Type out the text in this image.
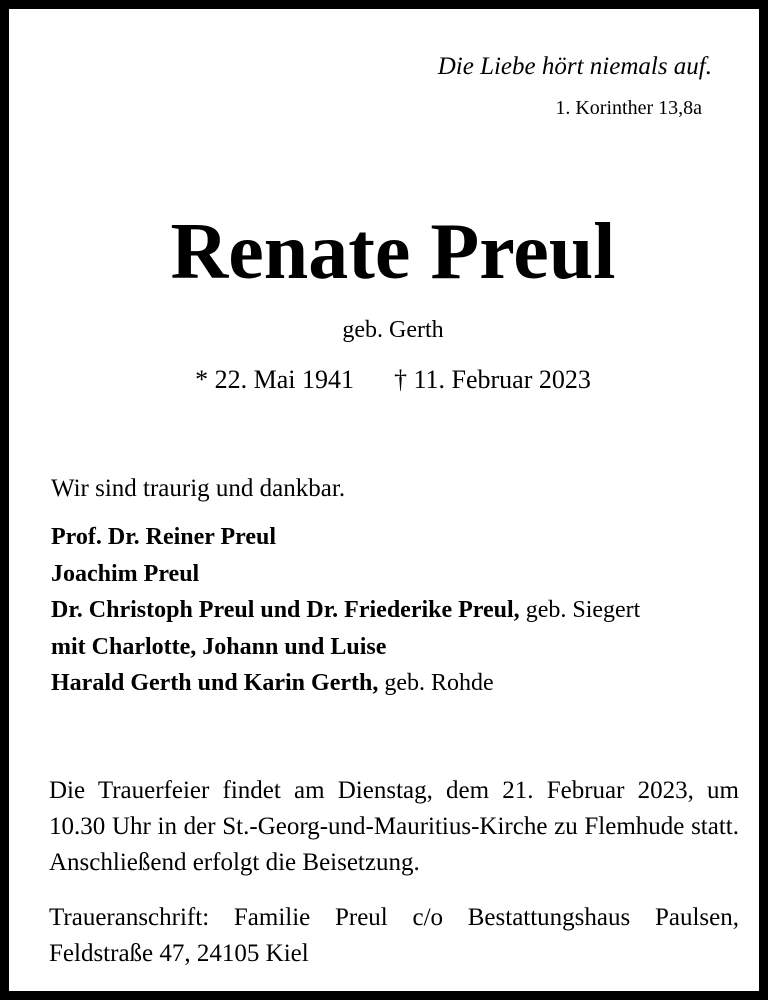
Die Liebe hört niemals auf.
1. Korinther 13,8a
Renate Preul
geb. Gerth
* 22. Mai 1941 † 11. Februar 2023
Wir sind traurig und dankbar.
Prof. Dr. Reiner Preul
Joachim Preul
Dr. Christoph Preul und Dr. Friederike Preul, geb. Siegert
mit Charlotte, Johann und Luise
Harald Gerth und Karin Gerth, geb. Rohde
Die Trauerfeier findet am Dienstag, dem 21. Februar 2023, um 10.30 Uhr in der St.-Georg-und-Mauritius-Kirche zu Flemhude statt. Anschließend erfolgt die Beisetzung.
Traueranschrift: Familie Preul c/o Bestattungshaus Paulsen, Feldstraße 47, 24105 Kiel
